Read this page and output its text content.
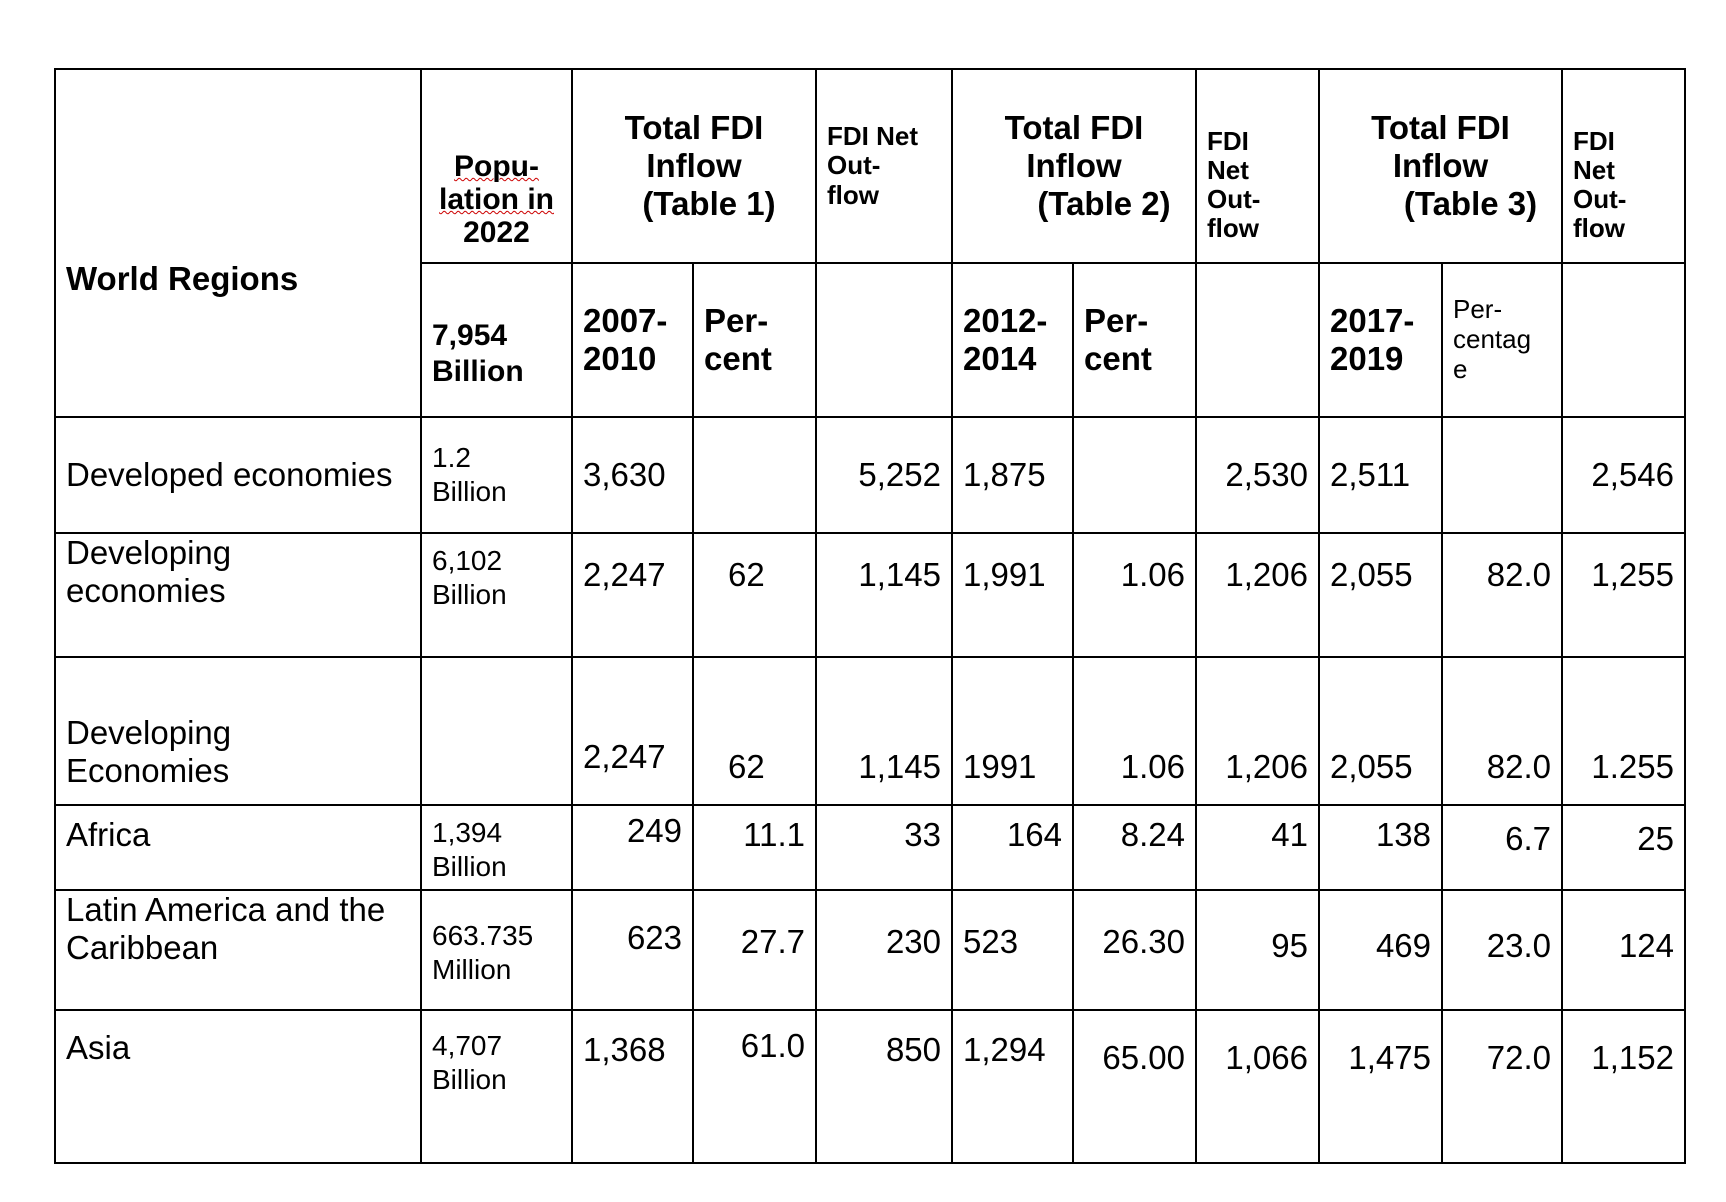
World Regions	Popu-
lation in
2022	Total FDI
Inflow
(Table 1)		FDI Net
Out-
flow	Total FDI
Inflow
(Table 2)		FDI
Net
Out-
flow	Total FDI
Inflow
(Table 3)		FDI
Net
Out-
flow
	7,954
Billion	2007-
2010	Per-
cent		2012-
2014	Per-
cent		2017-
2019	Per-
centag
e	
Developed economies	1.2
Billion	3,630		5,252	1,875		2,530	2,511		2,546
Developing
economies	6,102
Billion	2,247	62	1,145	1,991	1.06	1,206	2,055	82.0	1,255
Developing
Economies		2,247	62	1,145	1991	1.06	1,206	2,055	82.0	1.255
Africa	1,394
Billion	249	11.1	33	164	8.24	41	138	6.7	25
Latin America and the
Caribbean	663.735
Million	623	27.7	230	523	26.30	95	469	23.0	124
Asia	4,707
Billion	1,368	61.0	850	1,294	65.00	1,066	1,475	72.0	1,152
